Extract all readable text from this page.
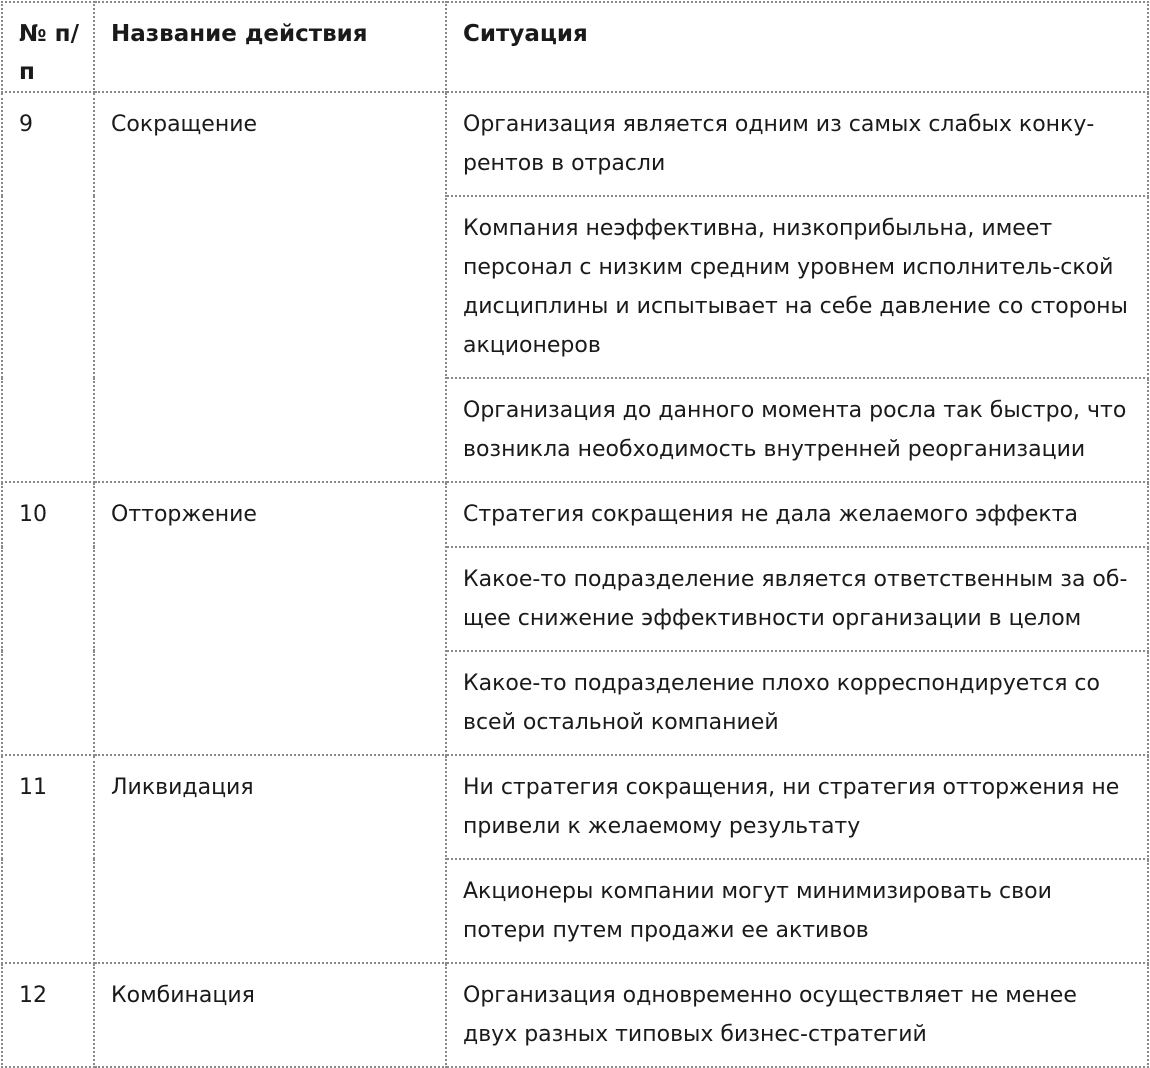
№ п/п	Название действия	Ситуация
9	Сокращение	Организация является одним из самых слабых конку-рентов в отрасли
		Компания неэффективна, низкоприбыльна, имеет персонал с низким средним уровнем исполнитель-ской дисциплины и испытывает на себе давление со стороны акционеров
		Организация до данного момента росла так быстро, что возникла необходимость внутренней реорганизации
10	Отторжение	Стратегия сокращения не дала желаемого эффекта
		Какое-то подразделение является ответственным за об-щее снижение эффективности организации в целом
		Какое-то подразделение плохо корреспондируется со всей остальной компанией
11	Ликвидация	Ни стратегия сокращения, ни стратегия отторжения не привели к желаемому результату
		Акционеры компании могут минимизировать свои потери путем продажи ее активов
12	Комбинация	Организация одновременно осуществляет не менее двух разных типовых бизнес-стратегий
